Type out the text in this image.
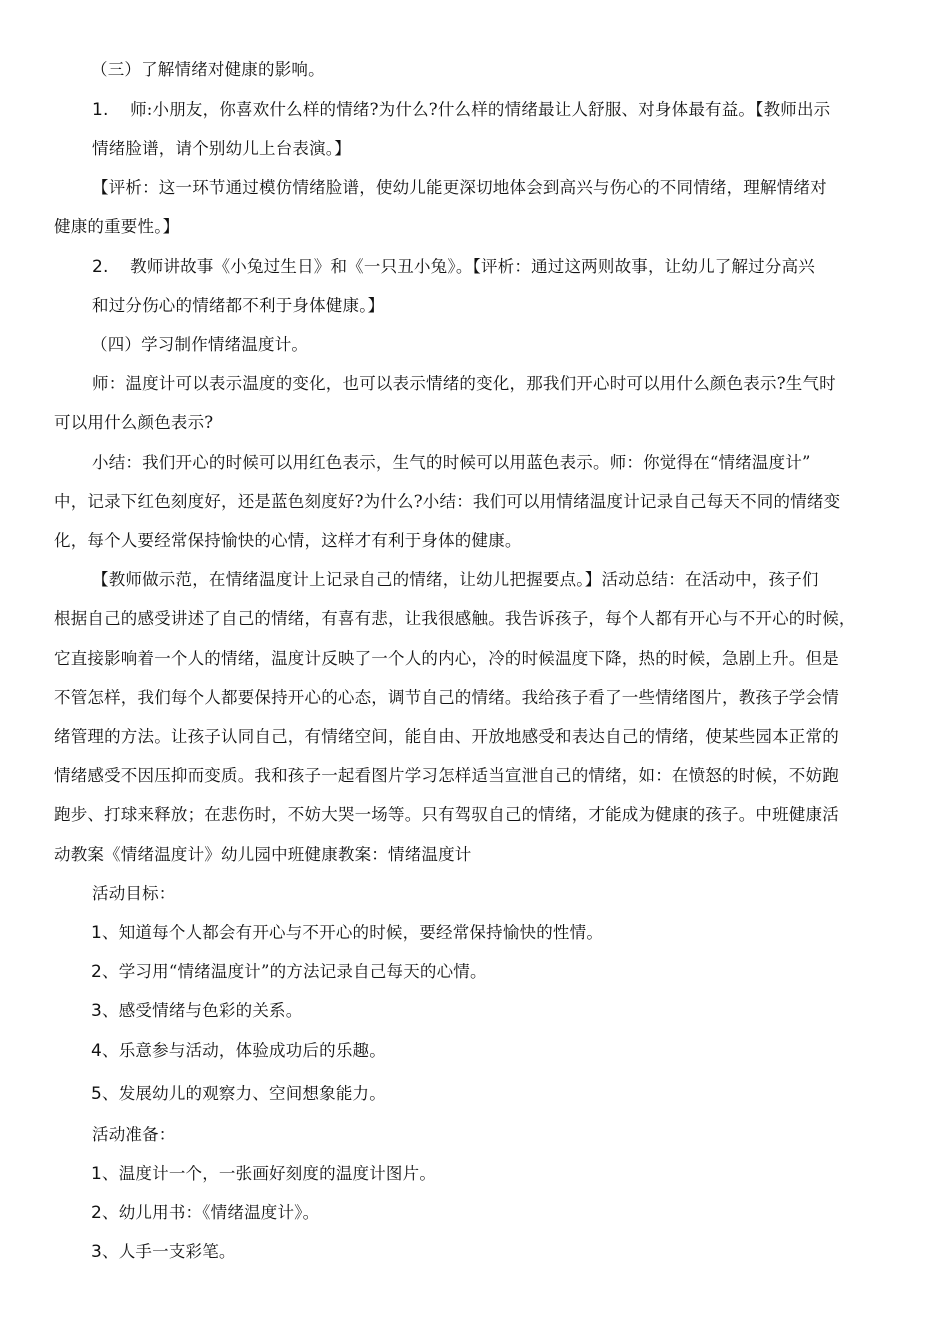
（三）了解情绪对健康的影响。
1. 师:小朋友，你喜欢什么样的情绪?为什么?什么样的情绪最让人舒服、对身体最有益。【教师出示
情绪脸谱，请个别幼儿上台表演。】
【评析：这一环节通过模仿情绪脸谱，使幼儿能更深切地体会到高兴与伤心的不同情绪，理解情绪对
健康的重要性。】
2. 教师讲故事《小兔过生日》和《一只丑小兔》。【评析：通过这两则故事，让幼儿了解过分高兴
和过分伤心的情绪都不利于身体健康。】
（四）学习制作情绪温度计。
师：温度计可以表示温度的变化，也可以表示情绪的变化，那我们开心时可以用什么颜色表示?生气时
可以用什么颜色表示?
小结：我们开心的时候可以用红色表示，生气的时候可以用蓝色表示。师：你觉得在“情绪温度计”
中，记录下红色刻度好，还是蓝色刻度好?为什么?小结：我们可以用情绪温度计记录自己每天不同的情绪变
化，每个人要经常保持愉快的心情，这样才有利于身体的健康。
【教师做示范，在情绪温度计上记录自己的情绪，让幼儿把握要点。】活动总结：在活动中，孩子们
根据自己的感受讲述了自己的情绪，有喜有悲，让我很感触。我告诉孩子，每个人都有开心与不开心的时候，
它直接影响着一个人的情绪，温度计反映了一个人的内心，冷的时候温度下降，热的时候，急剧上升。但是
不管怎样，我们每个人都要保持开心的心态，调节自己的情绪。我给孩子看了一些情绪图片，教孩子学会情
绪管理的方法。让孩子认同自己，有情绪空间，能自由、开放地感受和表达自己的情绪，使某些园本正常的
情绪感受不因压抑而变质。我和孩子一起看图片学习怎样适当宣泄自己的情绪，如：在愤怒的时候，不妨跑
跑步、打球来释放；在悲伤时，不妨大哭一场等。只有驾驭自己的情绪，才能成为健康的孩子。中班健康活
动教案《情绪温度计》幼儿园中班健康教案：情绪温度计
活动目标：
1、知道每个人都会有开心与不开心的时候，要经常保持愉快的性情。
2、学习用“情绪温度计”的方法记录自己每天的心情。
3、感受情绪与色彩的关系。
4、乐意参与活动，体验成功后的乐趣。
5、发展幼儿的观察力、空间想象能力。
活动准备：
1、温度计一个，一张画好刻度的温度计图片。
2、幼儿用书：《情绪温度计》。
3、人手一支彩笔。
